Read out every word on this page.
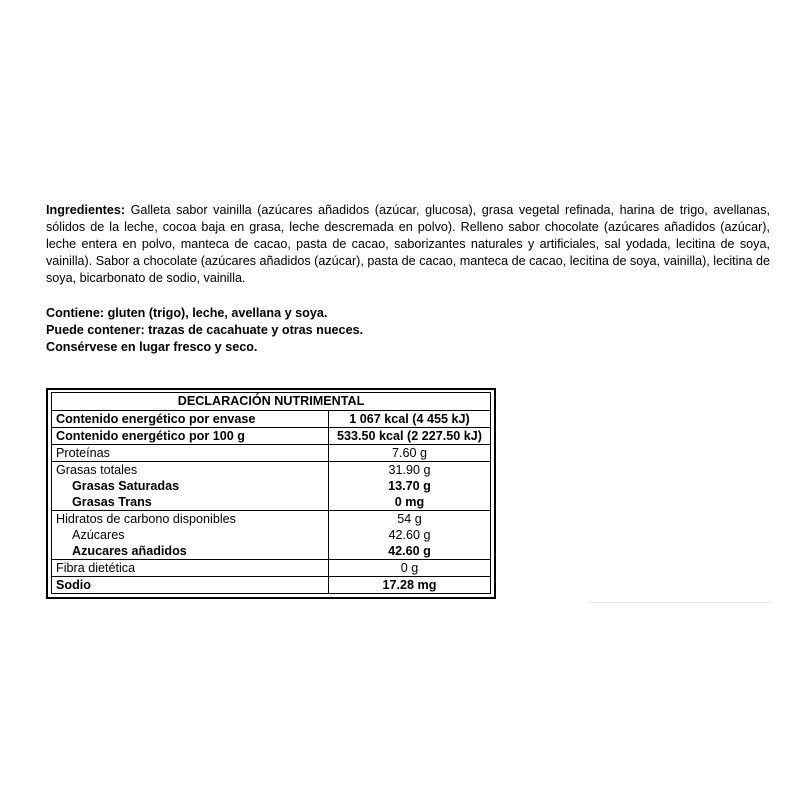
Ingredientes: Galleta sabor vainilla (azúcares añadidos (azúcar, glucosa), grasa vegetal refinada, harina de trigo, avellanas, sólidos de la leche, cocoa baja en grasa, leche descremada en polvo). Relleno sabor chocolate (azúcares añadidos (azúcar), leche entera en polvo, manteca de cacao, pasta de cacao, saborizantes naturales y artificiales, sal yodada, lecitina de soya, vainilla). Sabor a chocolate (azúcares añadidos (azúcar), pasta de cacao, manteca de cacao, lecitina de soya, vainilla), lecitina de soya, bicarbonato de sodio, vainilla.

Contiene: gluten (trigo), leche, avellana y soya.
Puede contener: trazas de cacahuate y otras nueces.
Consérvese en lugar fresco y seco.
DECLARACIÓN NUTRIMENTAL	
Contenido energético por envase	1 067 kcal (4 455 kJ)
Contenido energético por 100 g	533.50 kcal (2 227.50 kJ)
Proteínas	7.60 g
Grasas totales	31.90 g
Grasas Saturadas	13.70 g
Grasas Trans	0 mg
Hidratos de carbono disponibles	54 g
Azúcares	42.60 g
Azucares añadidos	42.60 g
Fibra dietética	0 g
Sodio	17.28 mg
